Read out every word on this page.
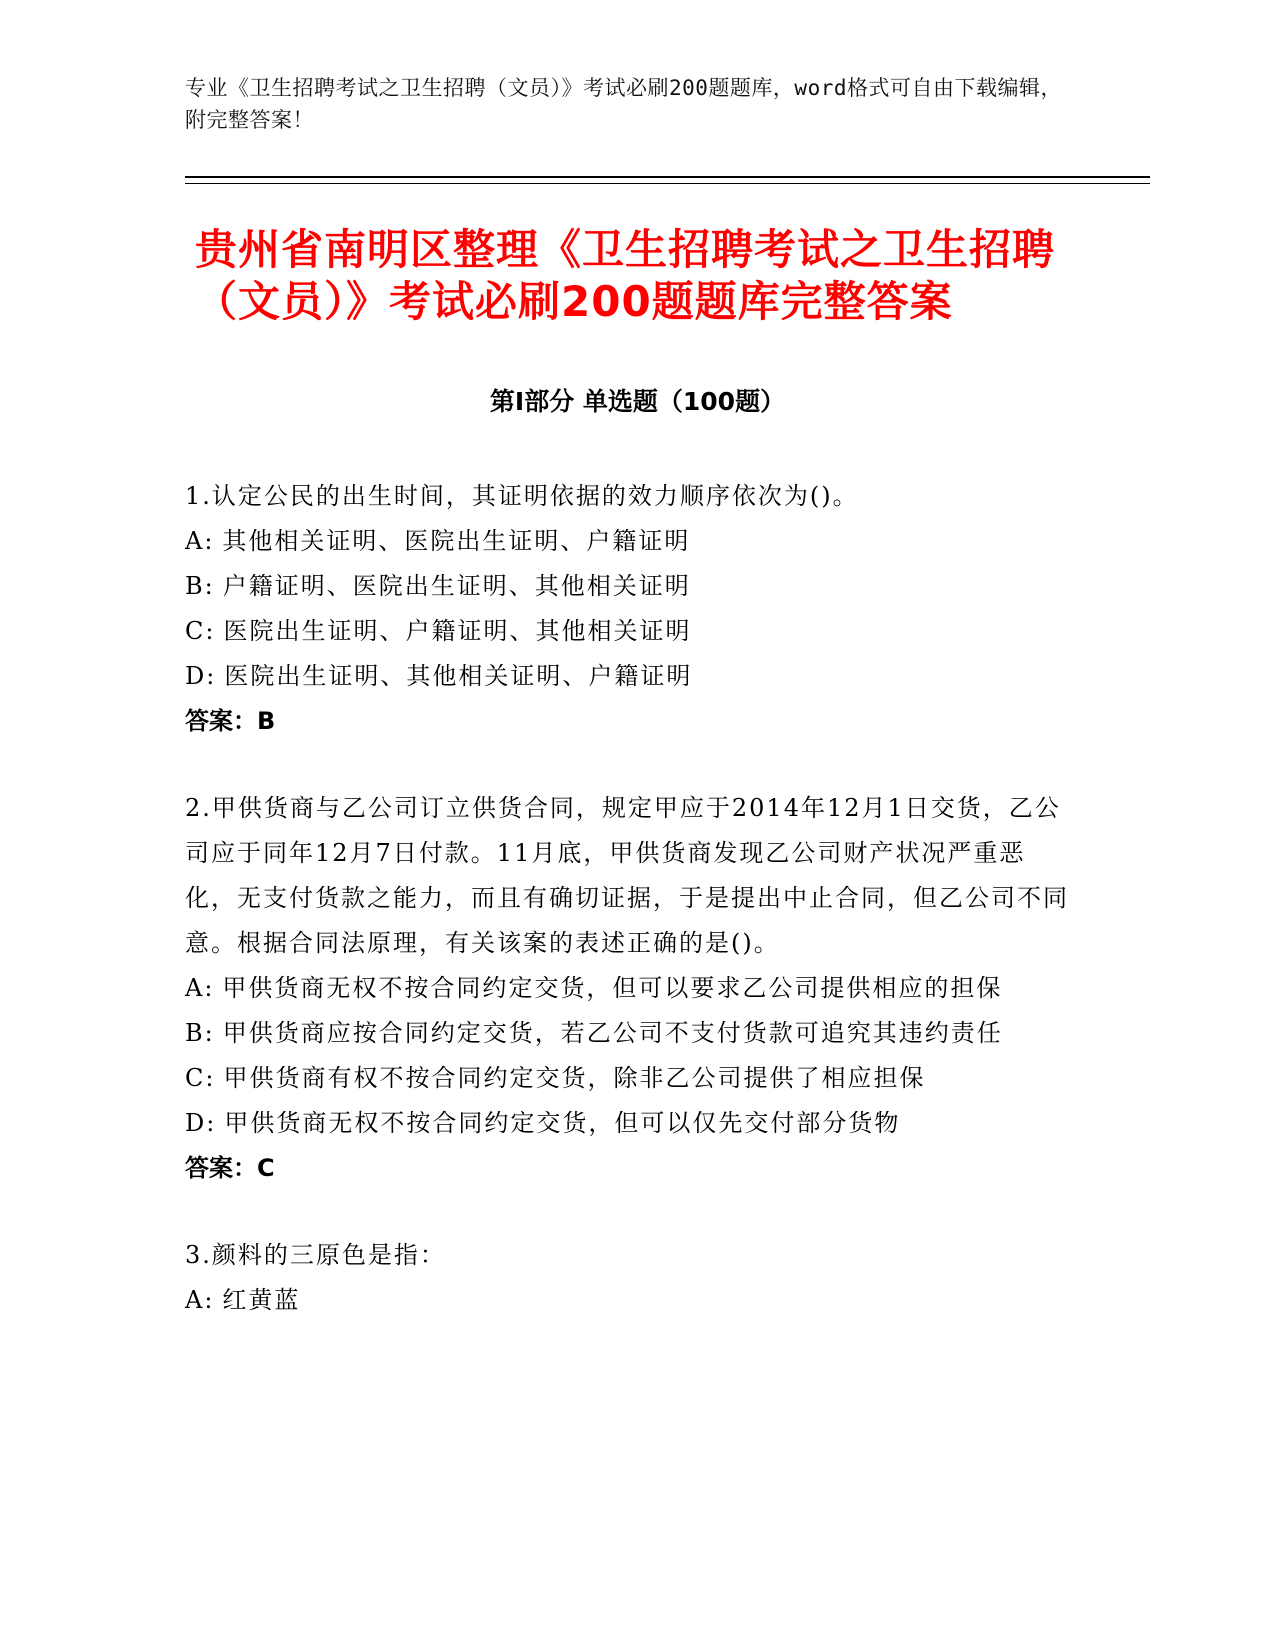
专业《卫生招聘考试之卫生招聘（文员）》考试必刷200题题库，word格式可自由下载编辑，附完整答案！
贵州省南明区整理《卫生招聘考试之卫生招聘（文员）》考试必刷200题题库完整答案
第I部分 单选题（100题）

1.认定公民的出生时间，其证明依据的效力顺序依次为()。

A: 其他相关证明、医院出生证明、户籍证明

B: 户籍证明、医院出生证明、其他相关证明

C: 医院出生证明、户籍证明、其他相关证明

D: 医院出生证明、其他相关证明、户籍证明

答案：B

2.甲供货商与乙公司订立供货合同，规定甲应于2014年12月1日交货，乙公司应于同年12月7日付款。11月底，甲供货商发现乙公司财产状况严重恶化，无支付货款之能力，而且有确切证据，于是提出中止合同，但乙公司不同意。根据合同法原理，有关该案的表述正确的是()。

A: 甲供货商无权不按合同约定交货，但可以要求乙公司提供相应的担保

B: 甲供货商应按合同约定交货，若乙公司不支付货款可追究其违约责任

C: 甲供货商有权不按合同约定交货，除非乙公司提供了相应担保

D: 甲供货商无权不按合同约定交货，但可以仅先交付部分货物

答案：C

3.颜料的三原色是指：

A: 红黄蓝
